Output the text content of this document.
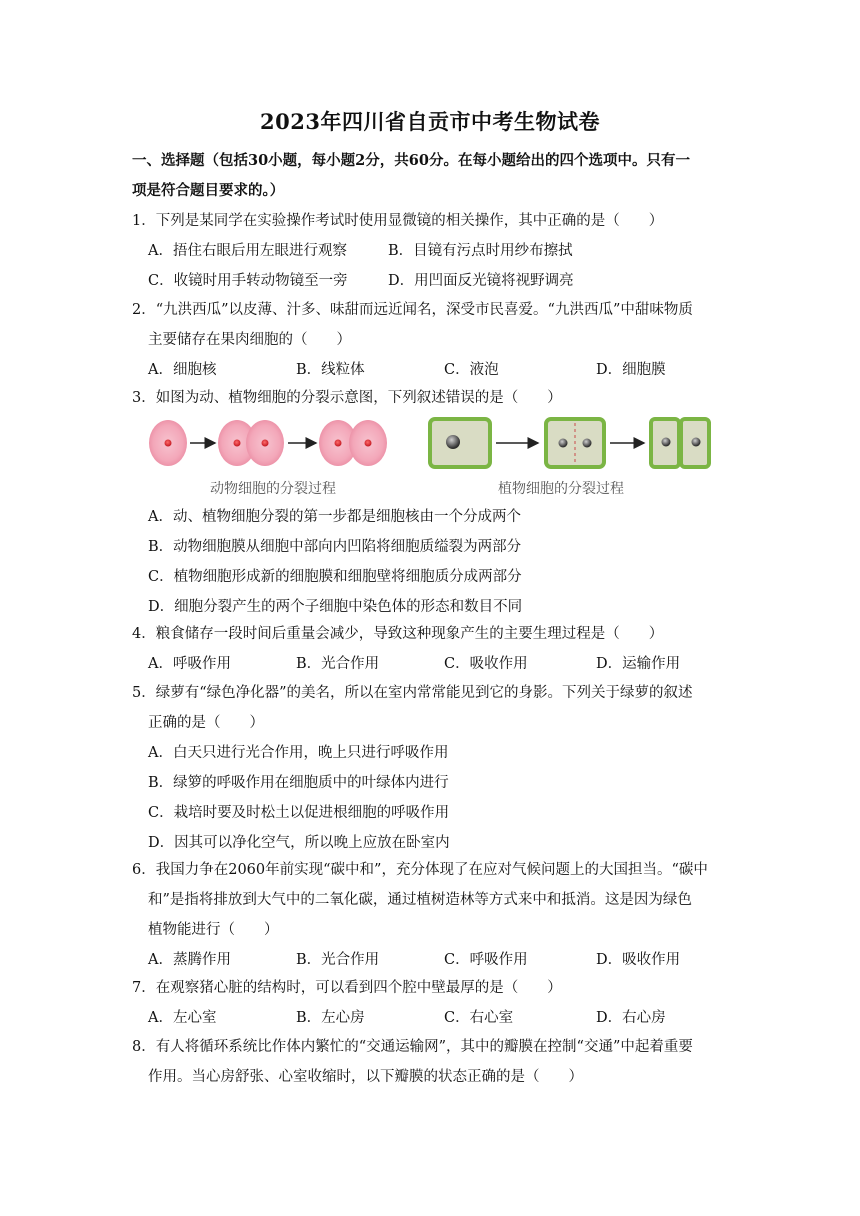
2023年四川省自贡市中考生物试卷
一、选择题（包括30小题，每小题2分，共60分。在每小题给出的四个选项中。只有一
项是符合题目要求的。）
1．下列是某同学在实验操作考试时使用显微镜的相关操作，其中正确的是（　　）
A．捂住右眼后用左眼进行观察	B．目镜有污点时用纱布擦拭
C．收镜时用手转动物镜至一旁	D．用凹面反光镜将视野调亮
2．“九洪西瓜”以皮薄、汁多、味甜而远近闻名，深受市民喜爱。“九洪西瓜”中甜味物质
主要储存在果肉细胞的（　　）
A．细胞核	B．线粒体	C．液泡	D．细胞膜
3．如图为动、植物细胞的分裂示意图，下列叙述错误的是（　　）
动物细胞的分裂过程	植物细胞的分裂过程
A．动、植物细胞分裂的第一步都是细胞核由一个分成两个
B．动物细胞膜从细胞中部向内凹陷将细胞质缢裂为两部分
C．植物细胞形成新的细胞膜和细胞壁将细胞质分成两部分
D．细胞分裂产生的两个子细胞中染色体的形态和数目不同
4．粮食储存一段时间后重量会减少，导致这种现象产生的主要生理过程是（　　）
A．呼吸作用	B．光合作用	C．吸收作用	D．运输作用
5．绿萝有“绿色净化器”的美名，所以在室内常常能见到它的身影。下列关于绿萝的叙述
正确的是（　　）
A．白天只进行光合作用，晚上只进行呼吸作用
B．绿箩的呼吸作用在细胞质中的叶绿体内进行
C．栽培时要及时松土以促进根细胞的呼吸作用
D．因其可以净化空气，所以晚上应放在卧室内
6．我国力争在2060年前实现“碳中和”，充分体现了在应对气候问题上的大国担当。“碳中
和”是指将排放到大气中的二氧化碳，通过植树造林等方式来中和抵消。这是因为绿色
植物能进行（　　）
A．蒸腾作用	B．光合作用	C．呼吸作用	D．吸收作用
7．在观察猪心脏的结构时，可以看到四个腔中壁最厚的是（　　）
A．左心室	B．左心房	C．右心室	D．右心房
8．有人将循环系统比作体内繁忙的“交通运输网”，其中的瓣膜在控制“交通”中起着重要
作用。当心房舒张、心室收缩时，以下瓣膜的状态正确的是（　　）
